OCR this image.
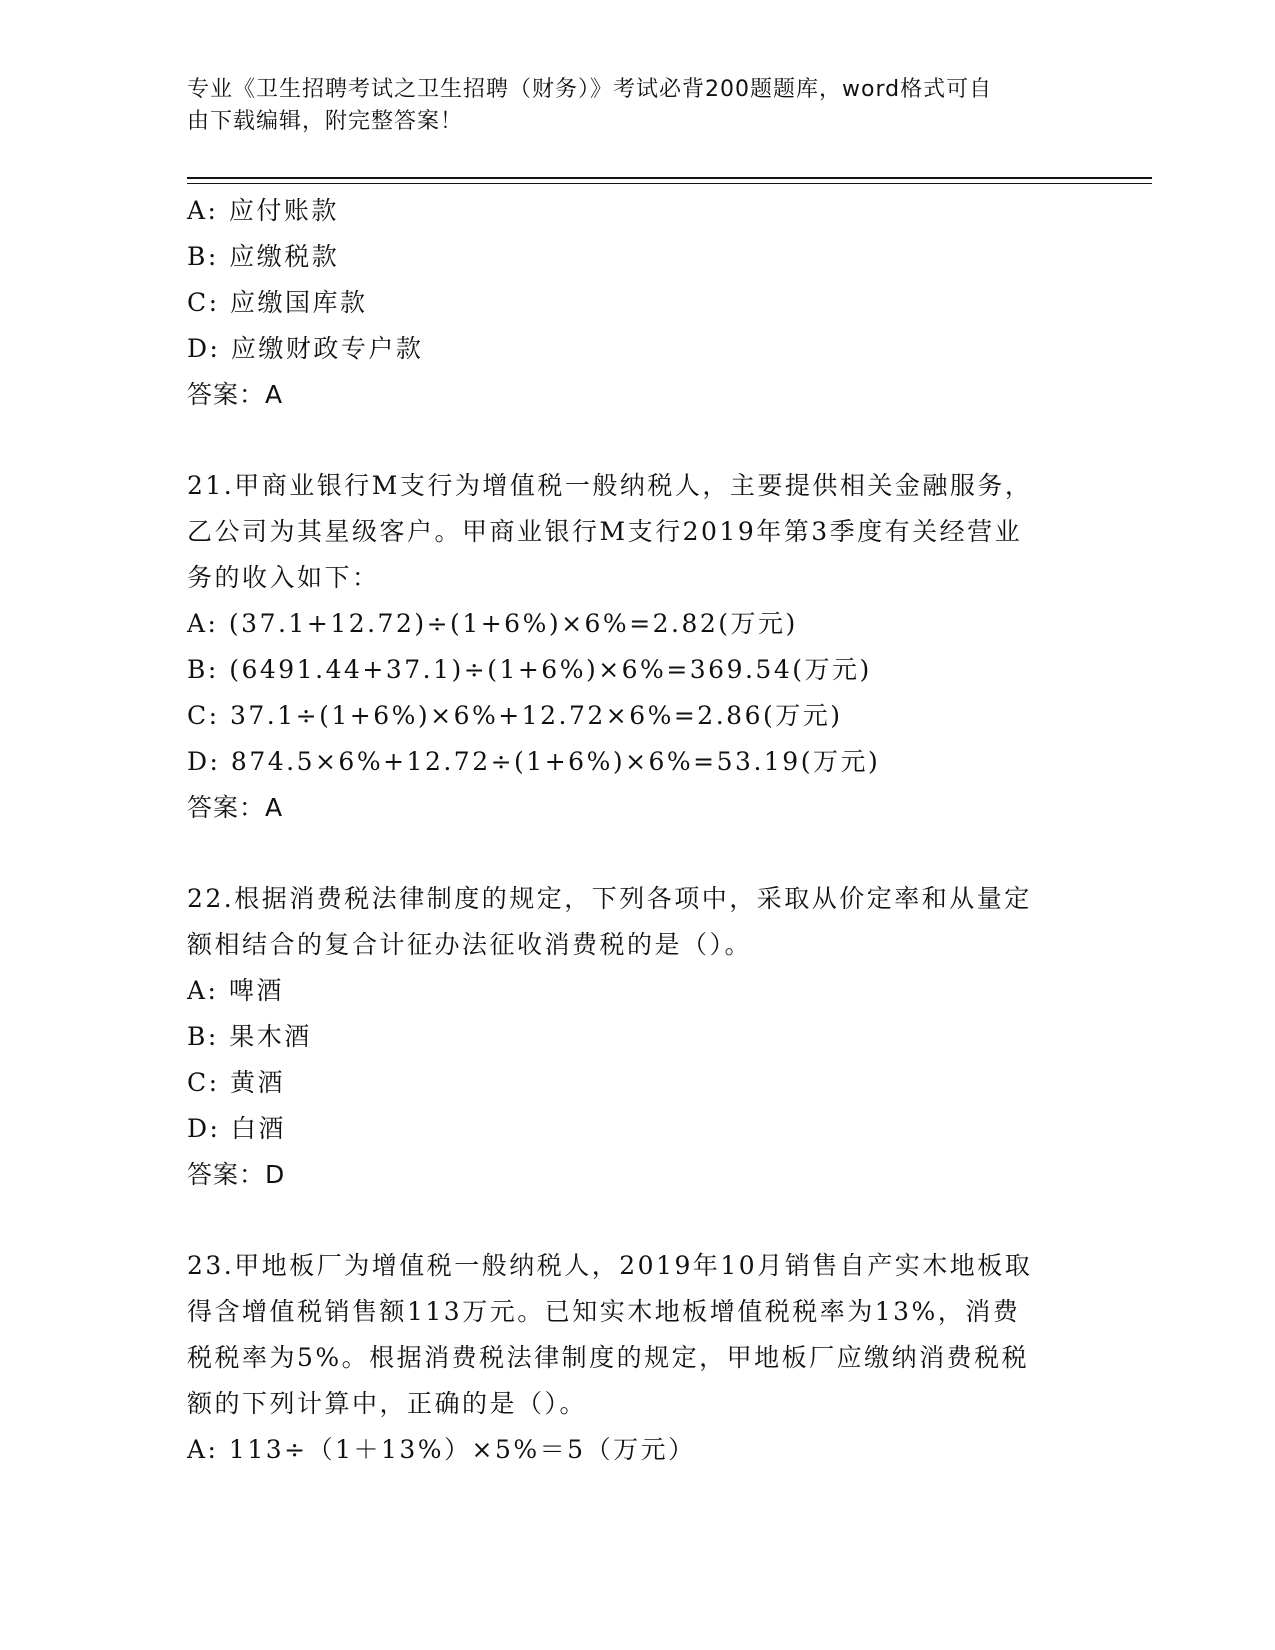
专业《卫生招聘考试之卫生招聘（财务）》考试必背200题题库，word格式可自
由下载编辑，附完整答案！
A: 应付账款
B: 应缴税款
C: 应缴国库款
D: 应缴财政专户款
答案：A
21.甲商业银行M支行为增值税一般纳税人，主要提供相关金融服务，
乙公司为其星级客户。甲商业银行M支行2019年第3季度有关经营业
务的收入如下：
A: (37.1+12.72)÷(1+6%)×6%=2.82(万元)
B: (6491.44+37.1)÷(1+6%)×6%=369.54(万元)
C: 37.1÷(1+6%)×6%+12.72×6%=2.86(万元)
D: 874.5×6%+12.72÷(1+6%)×6%=53.19(万元)
答案：A
22.根据消费税法律制度的规定，下列各项中，采取从价定率和从量定
额相结合的复合计征办法征收消费税的是（）。
A: 啤酒
B: 果木酒
C: 黄酒
D: 白酒
答案：D
23.甲地板厂为增值税一般纳税人，2019年10月销售自产实木地板取
得含增值税销售额113万元。已知实木地板增值税税率为13%，消费
税税率为5%。根据消费税法律制度的规定，甲地板厂应缴纳消费税税
额的下列计算中，正确的是（）。
A: 113÷（1＋13%）×5%＝5（万元）
